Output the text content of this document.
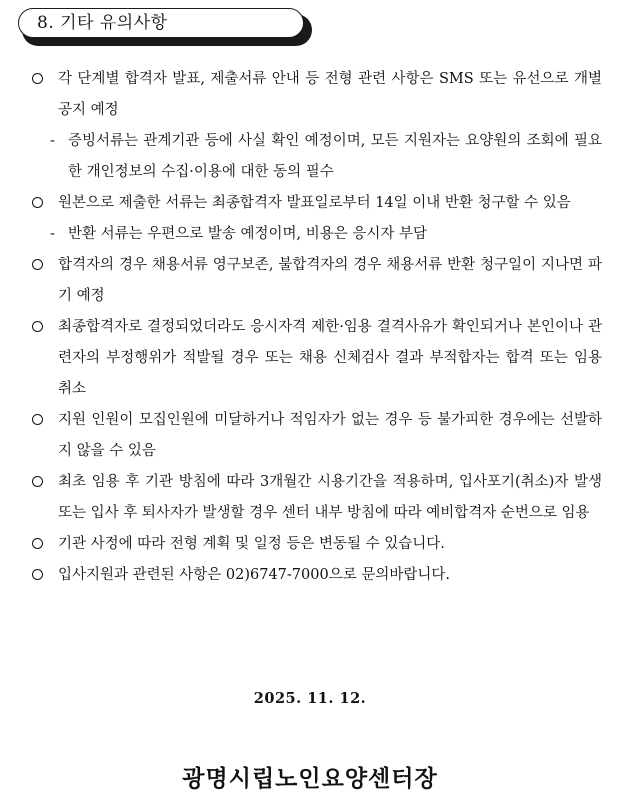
8. 기타 유의사항
각 단계별 합격자 발표, 제출서류 안내 등 전형 관련 사항은 SMS 또는 유선으로 개별공지 예정
- 증빙서류는 관계기관 등에 사실 확인 예정이며, 모든 지원자는 요양원의 조회에 필요한 개인정보의 수집·이용에 대한 동의 필수
원본으로 제출한 서류는 최종합격자 발표일로부터 14일 이내 반환 청구할 수 있음
- 반환 서류는 우편으로 발송 예정이며, 비용은 응시자 부담
합격자의 경우 채용서류 영구보존, 불합격자의 경우 채용서류 반환 청구일이 지나면 파기 예정
최종합격자로 결정되었더라도 응시자격 제한·임용 결격사유가 확인되거나 본인이나 관련자의 부정행위가 적발될 경우 또는 채용 신체검사 결과 부적합자는 합격 또는 임용 취소
지원 인원이 모집인원에 미달하거나 적임자가 없는 경우 등 불가피한 경우에는 선발하지 않을 수 있음
최초 임용 후 기관 방침에 따라 3개월간 시용기간을 적용하며, 입사포기(취소)자 발생 또는 입사 후 퇴사자가 발생할 경우 센터 내부 방침에 따라 예비합격자 순번으로 임용
기관 사정에 따라 전형 계획 및 일정 등은 변동될 수 있습니다.
입사지원과 관련된 사항은 02)6747-7000으로 문의바랍니다.
2025. 11. 12.
광명시립노인요양센터장
